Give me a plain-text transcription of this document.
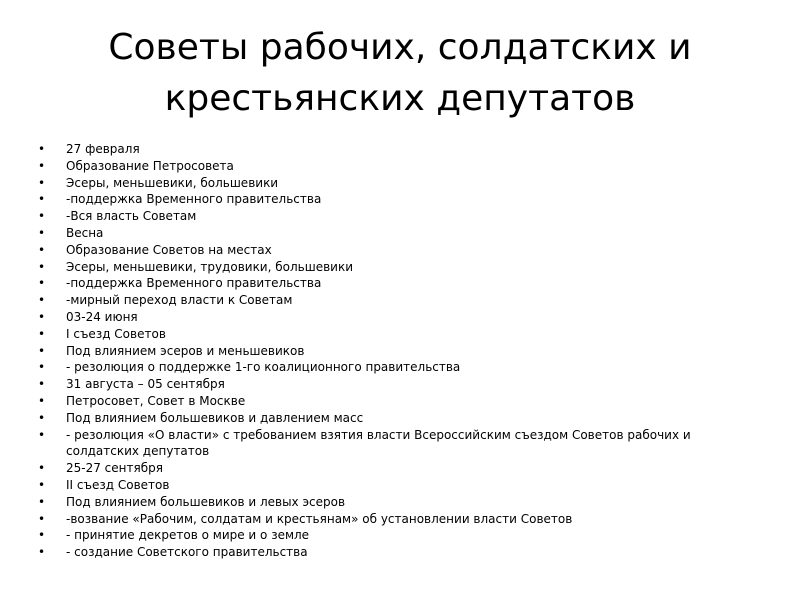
Советы рабочих, солдатских и
крестьянских депутатов
• 27 февраля
• Образование Петросовета
• Эсеры, меньшевики, большевики
• -поддержка Временного правительства
• -Вся власть Советам
• Весна
• Образование Советов на местах
• Эсеры, меньшевики, трудовики, большевики
• -поддержка Временного правительства
• -мирный переход власти к Советам
• 03-24 июня
• I съезд Советов
• Под влиянием эсеров и меньшевиков
• - резолюция о поддержке 1-го коалиционного правительства
• 31 августа – 05 сентября
• Петросовет, Совет в Москве
• Под влиянием большевиков и давлением масс
• - резолюция «О власти» с требованием взятия власти Всероссийским съездом Советов рабочих и солдатских депутатов
• 25-27 сентября
• II съезд Советов
• Под влиянием большевиков и левых эсеров
• -возвание «Рабочим, солдатам и крестьянам» об установлении власти Советов
• - принятие декретов о мире и о земле
• - создание Советского правительства
